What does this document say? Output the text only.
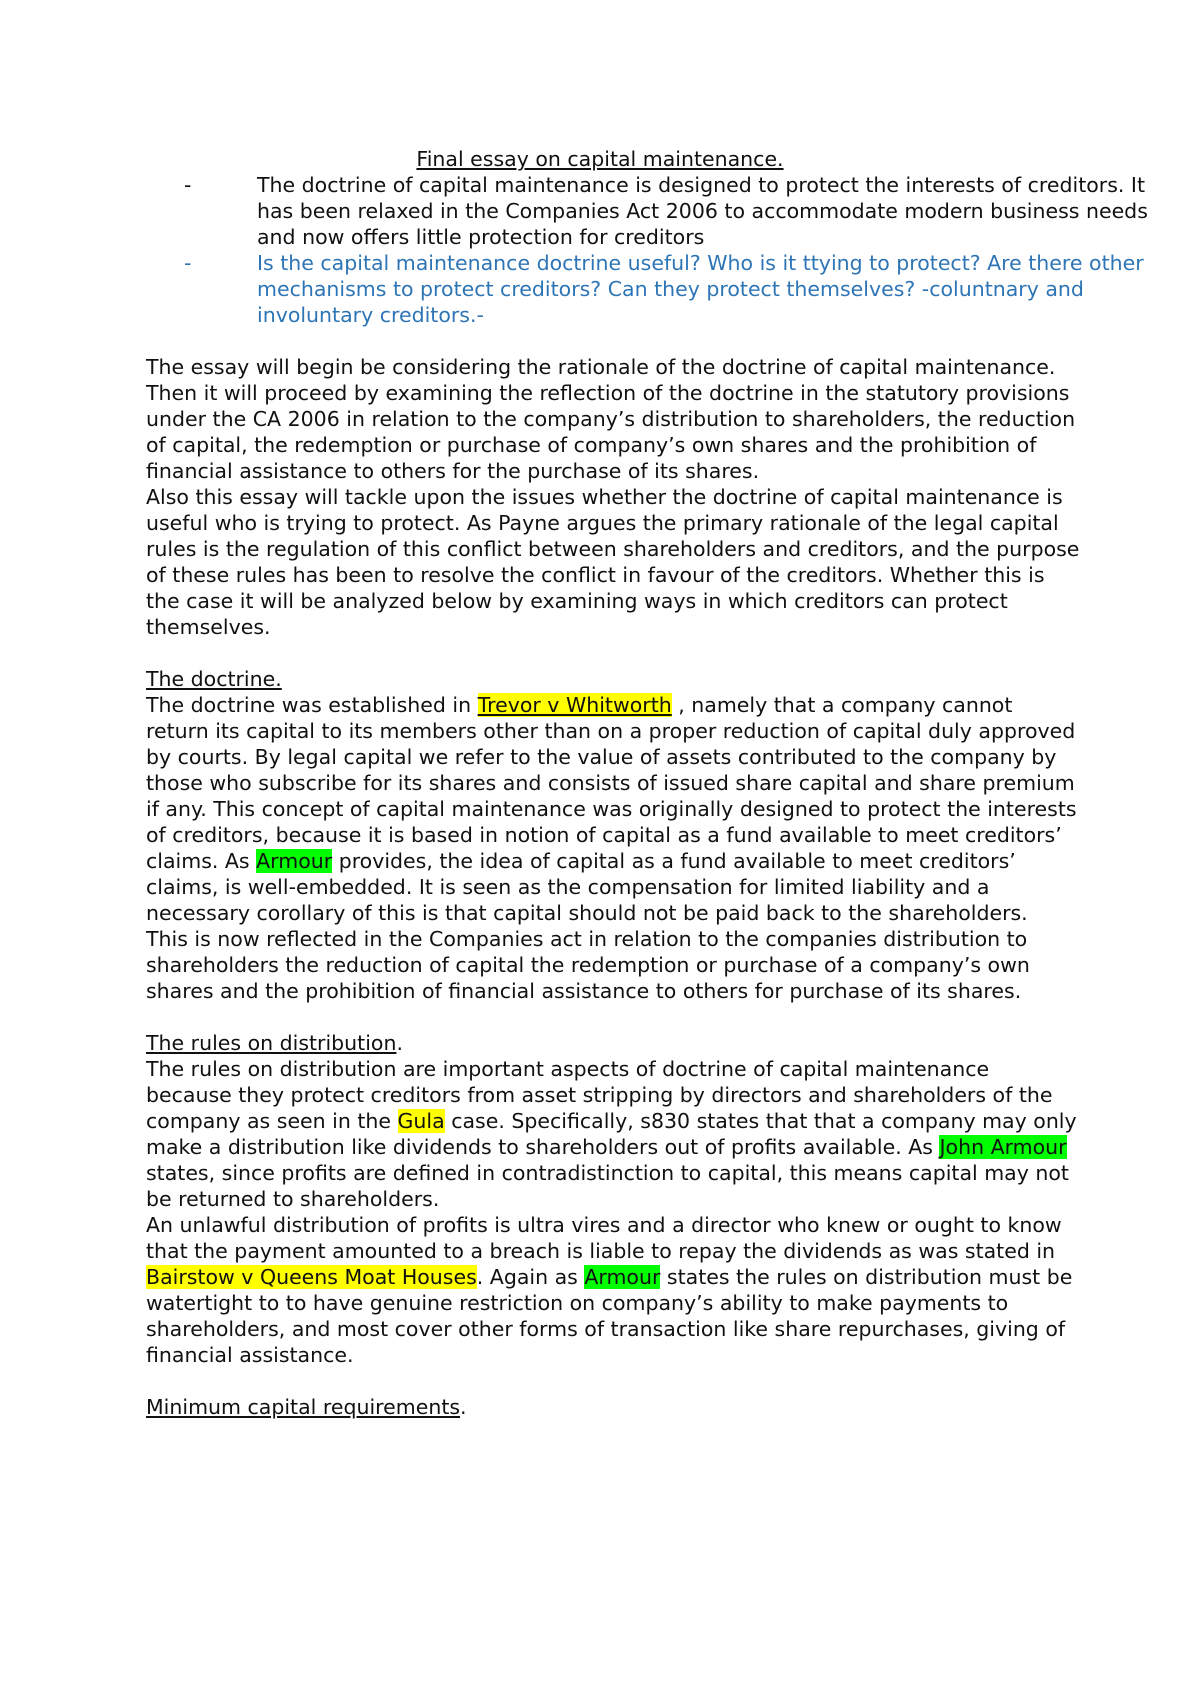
Final essay on capital maintenance.
-	The doctrine of capital maintenance is designed to protect the interests of creditors. It has been relaxed in the Companies Act 2006 to accommodate modern business needs and now offers little protection for creditors
-	Is the capital maintenance doctrine useful? Who is it ttying to protect? Are there other mechanisms to protect creditors? Can they protect themselves? -coluntnary and involuntary creditors.-

The essay will begin be considering the rationale of the doctrine of capital maintenance. Then it will proceed by examining the reflection of the doctrine in the statutory provisions under the CA 2006 in relation to the company’s distribution to shareholders, the reduction of capital, the redemption or purchase of company’s own shares and the prohibition of financial assistance to others for the purchase of its shares.

Also this essay will tackle upon the issues whether the doctrine of capital maintenance is useful who is trying to protect. As Payne argues the primary rationale of the legal capital rules is the regulation of this conflict between shareholders and creditors, and the purpose of these rules has been to resolve the conflict in favour of the creditors. Whether this is the case it will be analyzed below by examining ways in which creditors can protect themselves.

The doctrine.

The doctrine was established in Trevor v Whitworth , namely that a company cannot return its capital to its members other than on a proper reduction of capital duly approved by courts. By legal capital we refer to the value of assets contributed to the company by those who subscribe for its shares and consists of issued share capital and share premium if any. This concept of capital maintenance was originally designed to protect the interests of creditors, because it is based in notion of capital as a fund available to meet creditors’ claims. As Armour provides, the idea of capital as a fund available to meet creditors’ claims, is well-embedded. It is seen as the compensation for limited liability and a necessary corollary of this is that capital should not be paid back to the shareholders.

This is now reflected in the Companies act in relation to the companies distribution to shareholders the reduction of capital the redemption or purchase of a company’s own shares and the prohibition of financial assistance to others for purchase of its shares.

The rules on distribution.

The rules on distribution are important aspects of doctrine of capital maintenance because they protect creditors from asset stripping by directors and shareholders of the company as seen in the Gula case. Specifically, s830 states that that a company may only make a distribution like dividends to shareholders out of profits available. As John Armour states, since profits are defined in contradistinction to capital, this means capital may not be returned to shareholders.

An unlawful distribution of profits is ultra vires and a director who knew or ought to know that the payment amounted to a breach is liable to repay the dividends as was stated in Bairstow v Queens Moat Houses. Again as Armour states the rules on distribution must be watertight to to have genuine restriction on company’s ability to make payments to shareholders, and most cover other forms of transaction like share repurchases, giving of financial assistance.

Minimum capital requirements.
